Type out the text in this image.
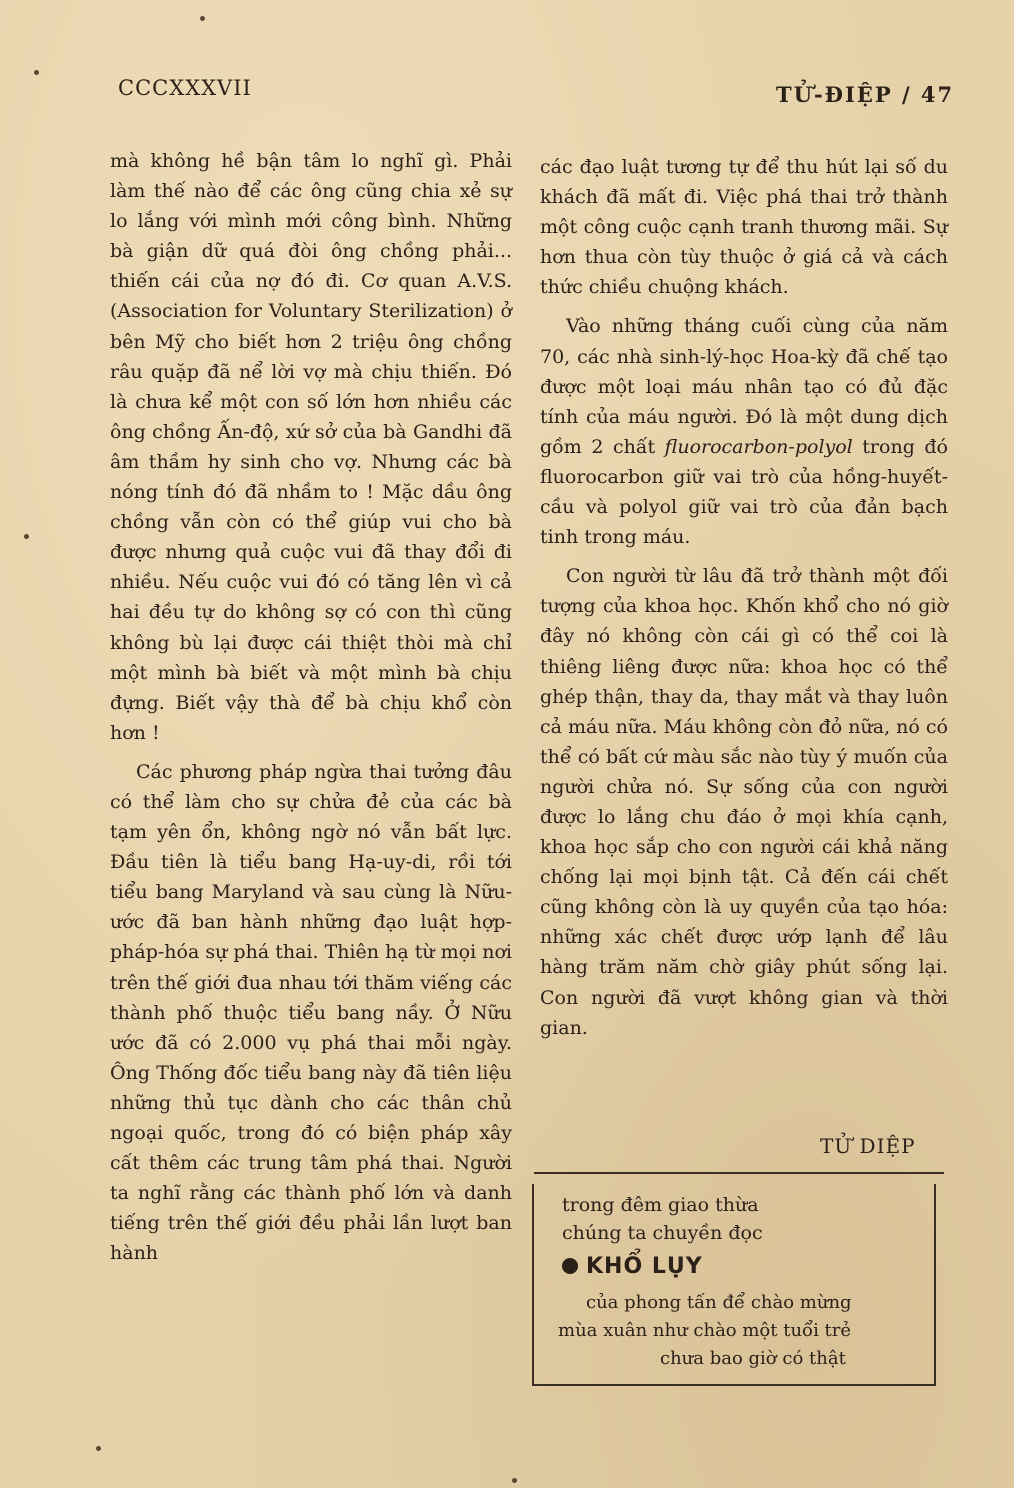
CCCXXXVII	TỬ-ĐIỆP / 47

mà không hề bận tâm lo nghĩ gì. Phải làm thế nào để các ông cũng chia xẻ sự lo lắng với mình mới công bình. Những bà giận dữ quá đòi ông chồng phải... thiến cái của nợ đó đi. Cơ quan A.V.S. (Association for Voluntary Sterilization) ở bên Mỹ cho biết hơn 2 triệu ông chồng râu quặp đã nể lời vợ mà chịu thiến. Đó là chưa kể một con số lớn hơn nhiều các ông chồng Ấn-độ, xứ sở của bà Gandhi đã âm thầm hy sinh cho vợ. Nhưng các bà nóng tính đó đã nhầm to ! Mặc dầu ông chồng vẫn còn có thể giúp vui cho bà được nhưng quả cuộc vui đã thay đổi đi nhiều. Nếu cuộc vui đó có tăng lên vì cả hai đều tự do không sợ có con thì cũng không bù lại được cái thiệt thòi mà chỉ một mình bà biết và một mình bà chịu đựng. Biết vậy thà để bà chịu khổ còn hơn !

Các phương pháp ngừa thai tưởng đâu có thể làm cho sự chửa đẻ của các bà tạm yên ổn, không ngờ nó vẫn bất lực. Đầu tiên là tiểu bang Hạ-uy-di, rồi tới tiểu bang Maryland và sau cùng là Nữu-ước đã ban hành những đạo luật hợp-pháp-hóa sự phá thai. Thiên hạ từ mọi nơi trên thế giới đua nhau tới thăm viếng các thành phố thuộc tiểu bang nầy. Ở Nữu ước đã có 2.000 vụ phá thai mỗi ngày. Ông Thống đốc tiểu bang này đã tiên liệu những thủ tục dành cho các thân chủ ngoại quốc, trong đó có biện pháp xây cất thêm các trung tâm phá thai. Người ta nghĩ rằng các thành phố lớn và danh tiếng trên thế giới đều phải lần lượt ban hành

các đạo luật tương tự để thu hút lại số du khách đã mất đi. Việc phá thai trở thành một công cuộc cạnh tranh thương mãi. Sự hơn thua còn tùy thuộc ở giá cả và cách thức chiều chuộng khách.

Vào những tháng cuối cùng của năm 70, các nhà sinh-lý-học Hoa-kỳ đã chế tạo được một loại máu nhân tạo có đủ đặc tính của máu người. Đó là một dung dịch gồm 2 chất fluorocarbon-polyol trong đó fluorocarbon giữ vai trò của hồng-huyết-cầu và polyol giữ vai trò của đản bạch tinh trong máu.

Con người từ lâu đã trở thành một đối tượng của khoa học. Khốn khổ cho nó giờ đây nó không còn cái gì có thể coi là thiêng liêng được nữa: khoa học có thể ghép thận, thay da, thay mắt và thay luôn cả máu nữa. Máu không còn đỏ nữa, nó có thể có bất cứ màu sắc nào tùy ý muốn của người chửa nó. Sự sống của con người được lo lắng chu đáo ở mọi khía cạnh, khoa học sắp cho con người cái khả năng chống lại mọi bịnh tật. Cả đến cái chết cũng không còn là uy quyền của tạo hóa: những xác chết được ướp lạnh để lâu hàng trăm năm chờ giây phút sống lại. Con người đã vượt không gian và thời gian.

TỬ DIỆP
trong đêm giao thừa
chúng ta chuyền đọc
KHỔ LỤY
của phong tấn để chào mừng
mùa xuân như chào một tuổi trẻ
chưa bao giờ có thật
